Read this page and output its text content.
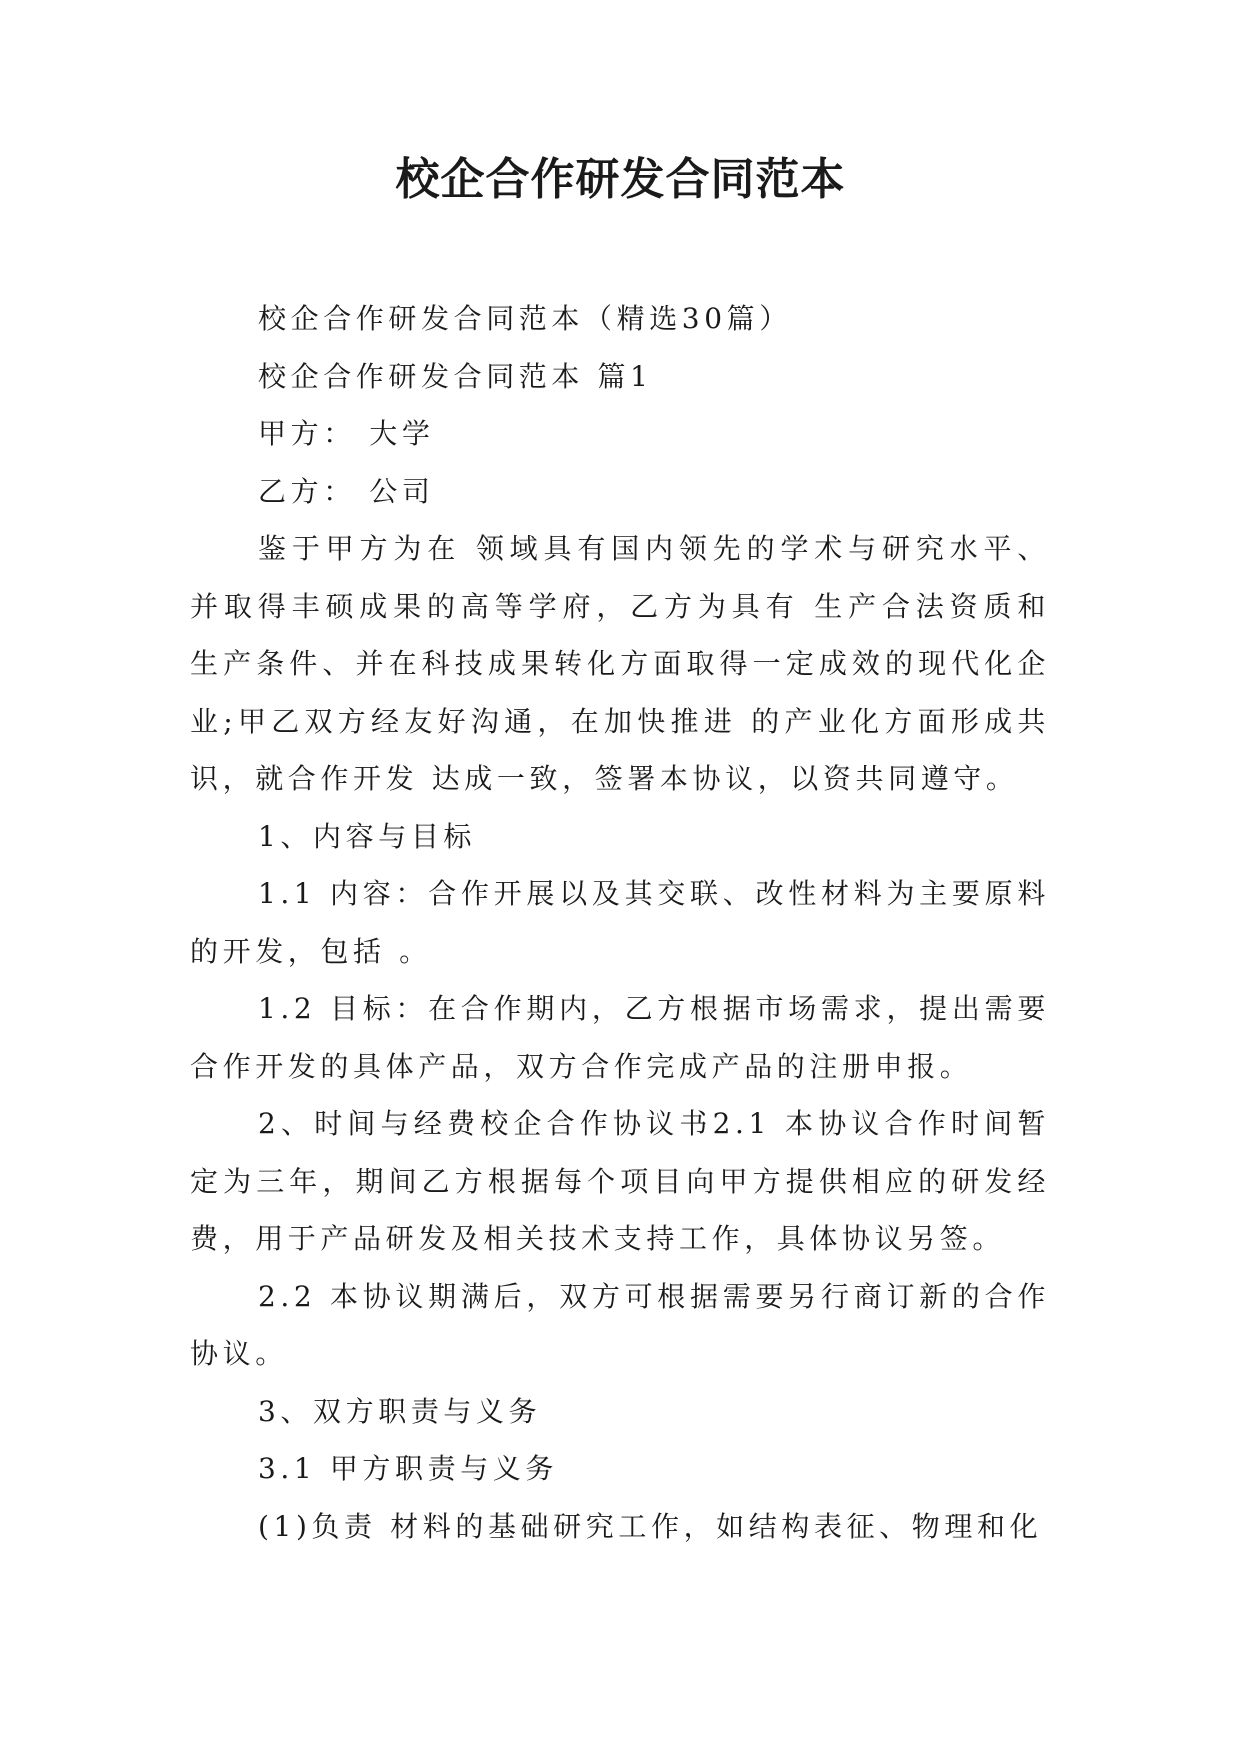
校企合作研发合同范本

校企合作研发合同范本（精选30篇）

校企合作研发合同范本 篇1

甲方： 大学

乙方： 公司

鉴于甲方为在 领域具有国内领先的学术与研究水平、并取得丰硕成果的高等学府，乙方为具有 生产合法资质和生产条件、并在科技成果转化方面取得一定成效的现代化企业;甲乙双方经友好沟通，在加快推进 的产业化方面形成共识，就合作开发 达成一致，签署本协议，以资共同遵守。

1、内容与目标

1.1 内容：合作开展以及其交联、改性材料为主要原料的开发，包括 。

1.2 目标：在合作期内，乙方根据市场需求，提出需要合作开发的具体产品，双方合作完成产品的注册申报。

2、时间与经费校企合作协议书2.1 本协议合作时间暂定为三年，期间乙方根据每个项目向甲方提供相应的研发经费，用于产品研发及相关技术支持工作，具体协议另签。

2.2 本协议期满后，双方可根据需要另行商订新的合作协议。

3、双方职责与义务

3.1 甲方职责与义务

(1)负责 材料的基础研究工作，如结构表征、物理和化
